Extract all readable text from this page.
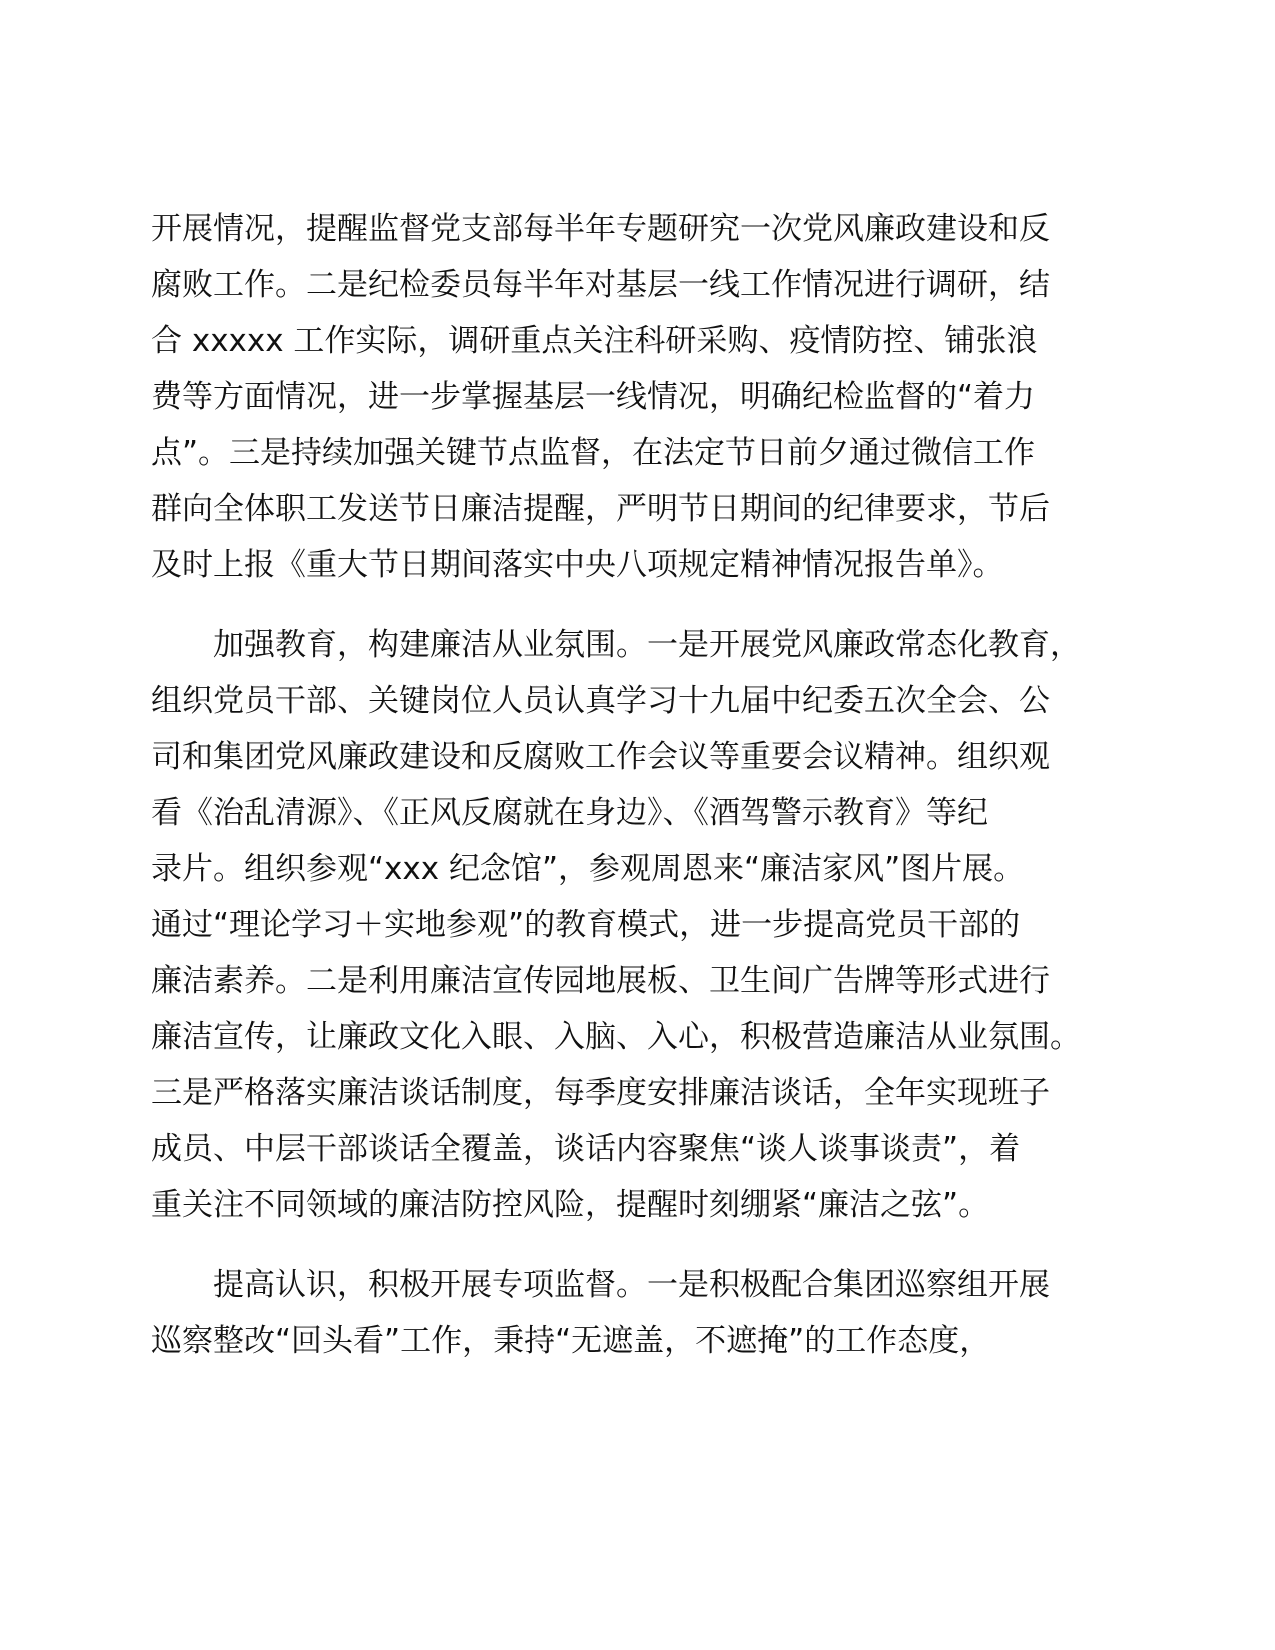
开展情况，提醒监督党支部每半年专题研究一次党风廉政建设和反
腐败工作。二是纪检委员每半年对基层一线工作情况进行调研，结
合 xxxxx 工作实际，调研重点关注科研采购、疫情防控、铺张浪
费等方面情况，进一步掌握基层一线情况，明确纪检监督的“着力
点”。三是持续加强关键节点监督，在法定节日前夕通过微信工作
群向全体职工发送节日廉洁提醒，严明节日期间的纪律要求，节后
及时上报《重大节日期间落实中央八项规定精神情况报告单》。

加强教育，构建廉洁从业氛围。一是开展党风廉政常态化教育，
组织党员干部、关键岗位人员认真学习十九届中纪委五次全会、公
司和集团党风廉政建设和反腐败工作会议等重要会议精神。组织观
看《治乱清源》、《正风反腐就在身边》、《酒驾警示教育》等纪
录片。组织参观“xxx 纪念馆”，参观周恩来“廉洁家风”图片展。
通过“理论学习＋实地参观”的教育模式，进一步提高党员干部的
廉洁素养。二是利用廉洁宣传园地展板、卫生间广告牌等形式进行
廉洁宣传，让廉政文化入眼、入脑、入心，积极营造廉洁从业氛围。
三是严格落实廉洁谈话制度，每季度安排廉洁谈话，全年实现班子
成员、中层干部谈话全覆盖，谈话内容聚焦“谈人谈事谈责”，着
重关注不同领域的廉洁防控风险，提醒时刻绷紧“廉洁之弦”。

提高认识，积极开展专项监督。一是积极配合集团巡察组开展
巡察整改“回头看”工作，秉持“无遮盖，不遮掩”的工作态度，
